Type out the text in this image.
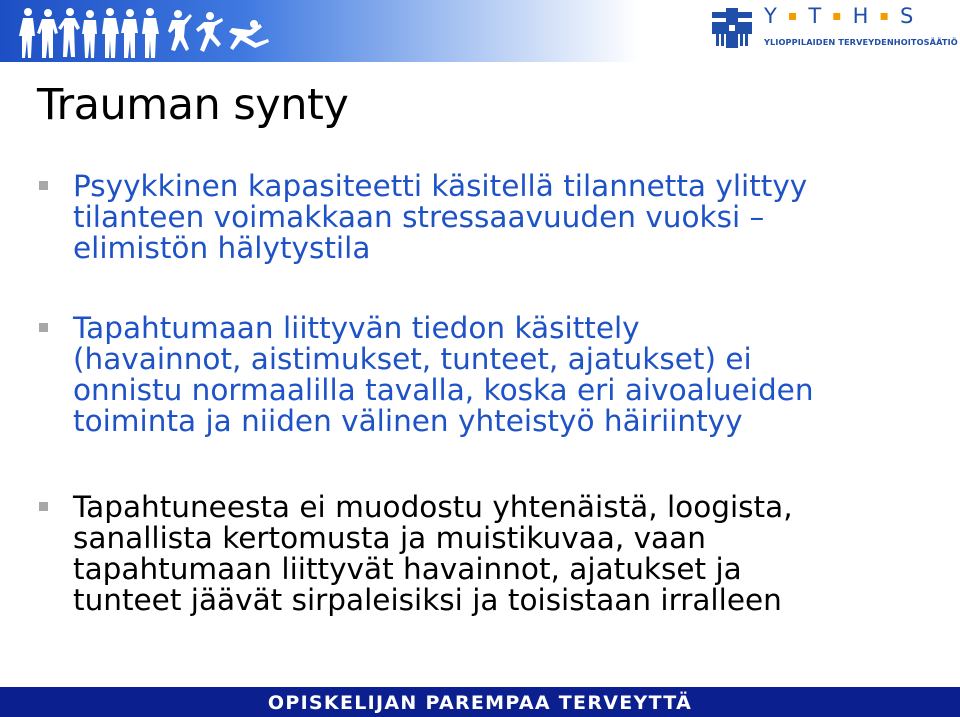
Y ▪ T ▪ H ▪ S
YLIOPPILAIDEN TERVEYDENHOITOSÄÄTIÖ
Trauman synty
Psyykkinen kapasiteetti käsitellä tilannetta ylittyy
tilanteen voimakkaan stressaavuuden vuoksi –
elimistön hälytystila
Tapahtumaan liittyvän tiedon käsittely
(havainnot, aistimukset, tunteet, ajatukset) ei
onnistu normaalilla tavalla, koska eri aivoalueiden
toiminta ja niiden välinen yhteistyö häiriintyy
Tapahtuneesta ei muodostu yhtenäistä, loogista,
sanallista kertomusta ja muistikuvaa, vaan
tapahtumaan liittyvät havainnot, ajatukset ja
tunteet jäävät sirpaleisiksi ja toisistaan irralleen
OPISKELIJAN PAREMPAA TERVEYTTÄ
